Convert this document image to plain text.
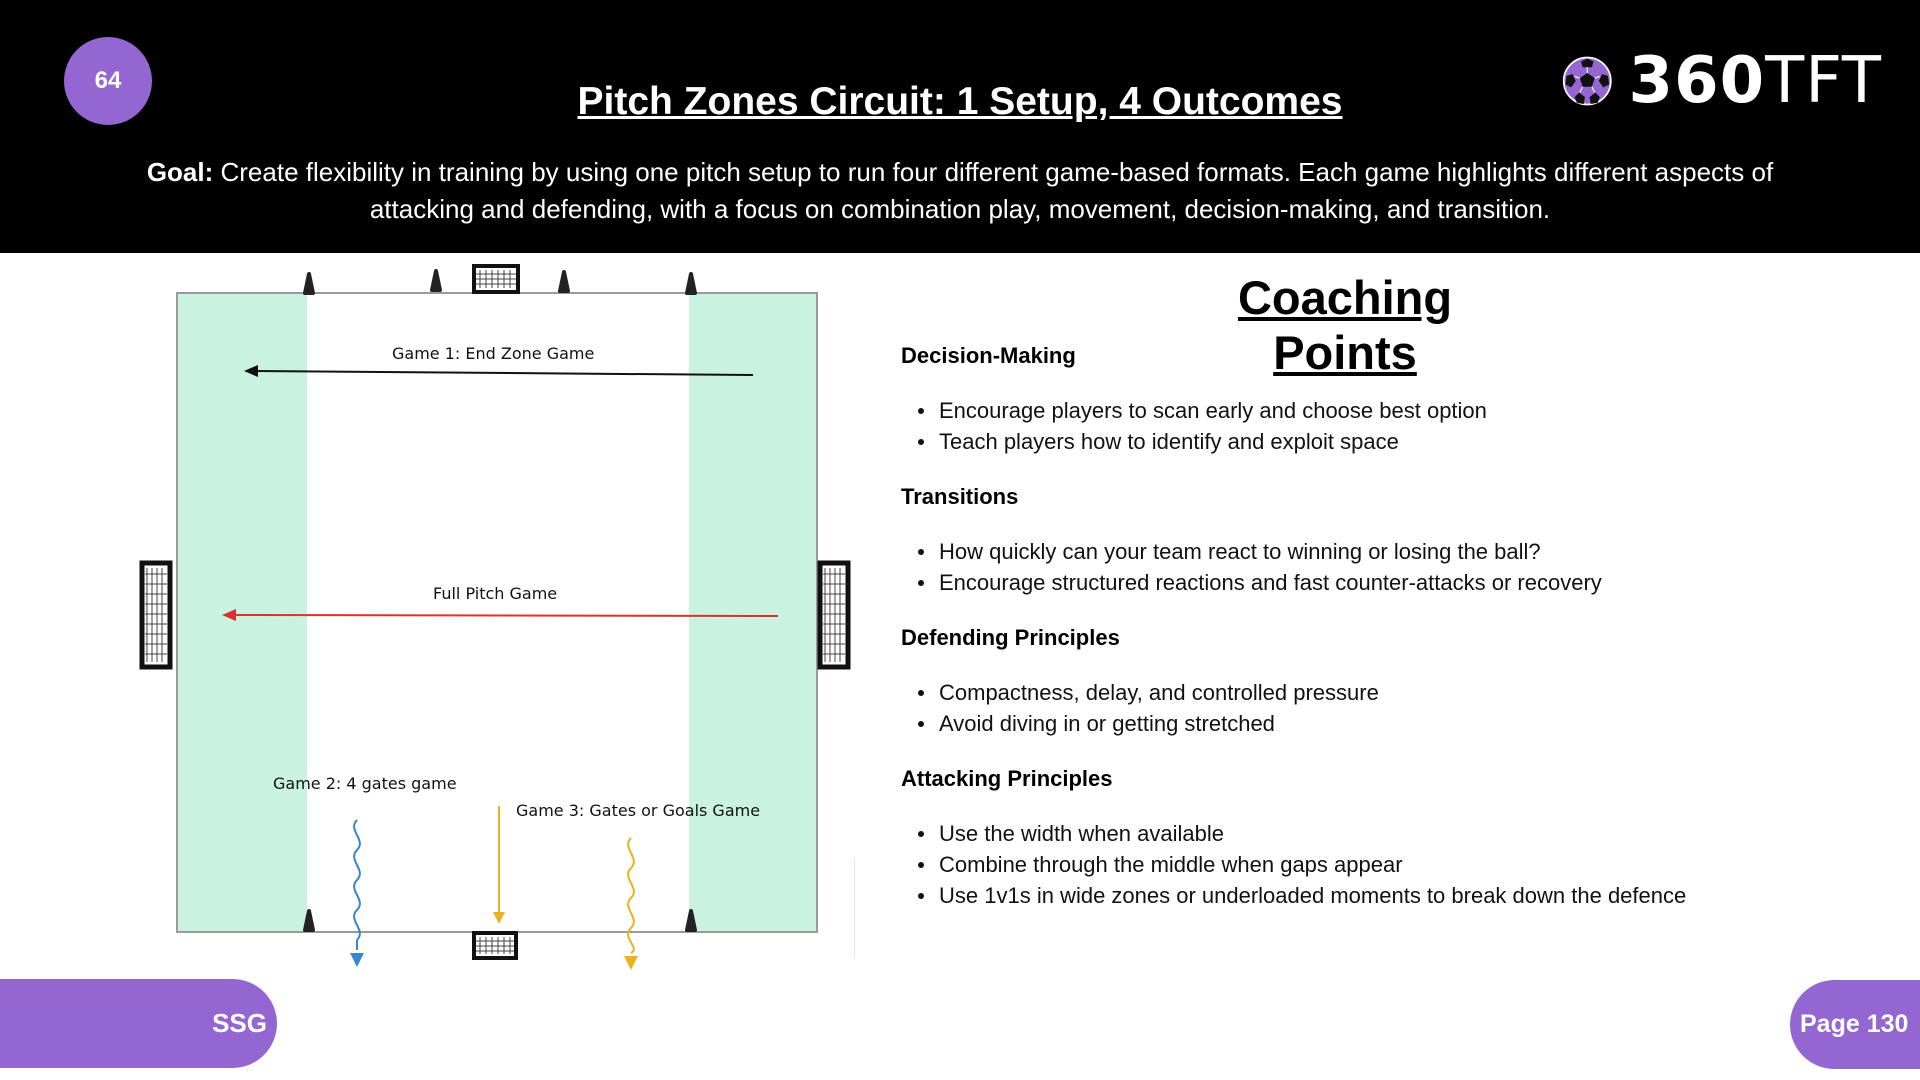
64	Pitch Zones Circuit: 1 Setup, 4 Outcomes	360TFT

Goal: Create flexibility in training by using one pitch setup to run four different game-based formats. Each game highlights different aspects of attacking and defending, with a focus on combination play, movement, decision-making, and transition.

Game 1: End Zone Game
Full Pitch Game
Game 2: 4 gates game
Game 3: Gates or Goals Game
Coaching Points
Decision-Making
Encourage players to scan early and choose best option
Teach players how to identify and exploit space
Transitions
How quickly can your team react to winning or losing the ball?
Encourage structured reactions and fast counter-attacks or recovery
Defending Principles
Compactness, delay, and controlled pressure
Avoid diving in or getting stretched
Attacking Principles
Use the width when available
Combine through the middle when gaps appear
Use 1v1s in wide zones or underloaded moments to break down the defence
SSG	Page 130
